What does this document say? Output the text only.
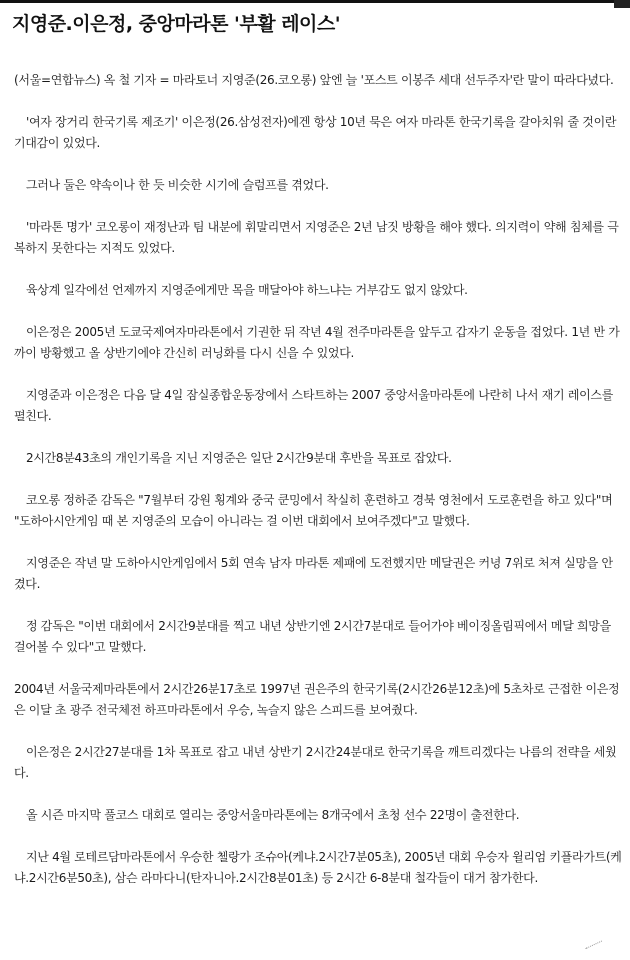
지영준.이은정, 중앙마라톤 '부활 레이스'

(서울=연합뉴스) 옥 철 기자 = 마라토너 지영준(26.코오롱) 앞엔 늘 '포스트 이봉주 세대 선두주자'란 말이 따라다녔다.

'여자 장거리 한국기록 제조기' 이은정(26.삼성전자)에겐 항상 10년 묵은 여자 마라톤 한국기록을 갈아치워 줄 것이란 기대감이 있었다.

그러나 둘은 약속이나 한 듯 비슷한 시기에 슬럼프를 겪었다.

'마라톤 명가' 코오롱이 재정난과 팀 내분에 휘말리면서 지영준은 2년 남짓 방황을 해야 했다. 의지력이 약해 침체를 극복하지 못한다는 지적도 있었다.

육상계 일각에선 언제까지 지영준에게만 목을 매달아야 하느냐는 거부감도 없지 않았다.

이은정은 2005년 도쿄국제여자마라톤에서 기권한 뒤 작년 4월 전주마라톤을 앞두고 갑자기 운동을 접었다. 1년 반 가까이 방황했고 올 상반기에야 간신히 러닝화를 다시 신을 수 있었다.

지영준과 이은정은 다음 달 4일 잠실종합운동장에서 스타트하는 2007 중앙서울마라톤에 나란히 나서 재기 레이스를 펼친다.

2시간8분43초의 개인기록을 지닌 지영준은 일단 2시간9분대 후반을 목표로 잡았다.

코오롱 정하준 감독은 "7월부터 강원 횡계와 중국 쿤밍에서 착실히 훈련하고 경북 영천에서 도로훈련을 하고 있다"며 "도하아시안게임 때 본 지영준의 모습이 아니라는 걸 이번 대회에서 보여주겠다"고 말했다.

지영준은 작년 말 도하아시안게임에서 5회 연속 남자 마라톤 제패에 도전했지만 메달권은 커녕 7위로 처져 실망을 안겼다.

정 감독은 "이번 대회에서 2시간9분대를 찍고 내년 상반기엔 2시간7분대로 들어가야 베이징올림픽에서 메달 희망을 걸어볼 수 있다"고 말했다.

2004년 서울국제마라톤에서 2시간26분17초로 1997년 권은주의 한국기록(2시간26분12초)에 5초차로 근접한 이은정은 이달 초 광주 전국체전 하프마라톤에서 우승, 녹슬지 않은 스피드를 보여줬다.

이은정은 2시간27분대를 1차 목표로 잡고 내년 상반기 2시간24분대로 한국기록을 깨트리겠다는 나름의 전략을 세웠다.

올 시즌 마지막 풀코스 대회로 열리는 중앙서울마라톤에는 8개국에서 초청 선수 22명이 출전한다.

지난 4월 로테르담마라톤에서 우승한 첼랑가 조슈아(케냐.2시간7분05초), 2005년 대회 우승자 윌리엄 키플라가트(케냐.2시간6분50초), 삼슨 라마다니(탄자니아.2시간8분01초) 등 2시간 6-8분대 철각들이 대거 참가한다.
